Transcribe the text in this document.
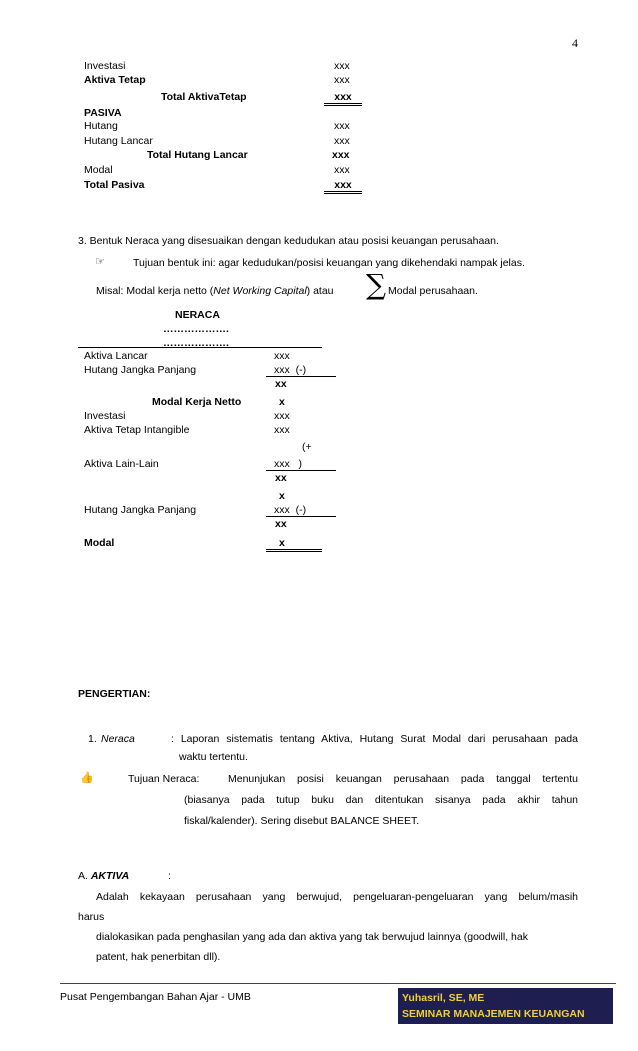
4
Investasi	xxx
Aktiva Tetap	xxx
Total AktivaTetap	xxx
PASIVA
Hutang	xxx
Hutang Lancar	xxx
Total Hutang Lancar	xxx
Modal	xxx
Total Pasiva	xxx
3. Bentuk Neraca yang disesuaikan dengan kedudukan atau posisi keuangan perusahaan.
☞	Tujuan bentuk ini: agar kedudukan/posisi keuangan yang dikehendaki nampak jelas.
Misal: Modal kerja netto (Net Working Capital) atau ∑ Modal perusahaan.
NERACA
……………….
……………….
Aktiva Lancar	xxx
Hutang Jangka Panjang	xxx (-)
xx
Modal Kerja Netto	x
Investasi	xxx
Aktiva Tetap Intangible	xxx
(+
Aktiva Lain-Lain	xxx )
xx
x
Hutang Jangka Panjang	xxx (-)
xx
Modal	x
PENGERTIAN:
1. Neraca	: Laporan sistematis tentang Aktiva, Hutang Surat Modal dari perusahaan pada
waktu tertentu.
👍	Tujuan Neraca:	Menunjukan posisi keuangan perusahaan pada tanggal tertentu
(biasanya pada tutup buku dan ditentukan sisanya pada akhir tahun
fiskal/kalender). Sering disebut BALANCE SHEET.
A. AKTIVA	:
Adalah kekayaan perusahaan yang berwujud, pengeluaran-pengeluaran yang belum/masih
harus
dialokasikan pada penghasilan yang ada dan aktiva yang tak berwujud lainnya (goodwill, hak
patent, hak penerbitan dll).
Pusat Pengembangan Bahan Ajar - UMB	Yuhasril, SE, ME
SEMINAR MANAJEMEN KEUANGAN
